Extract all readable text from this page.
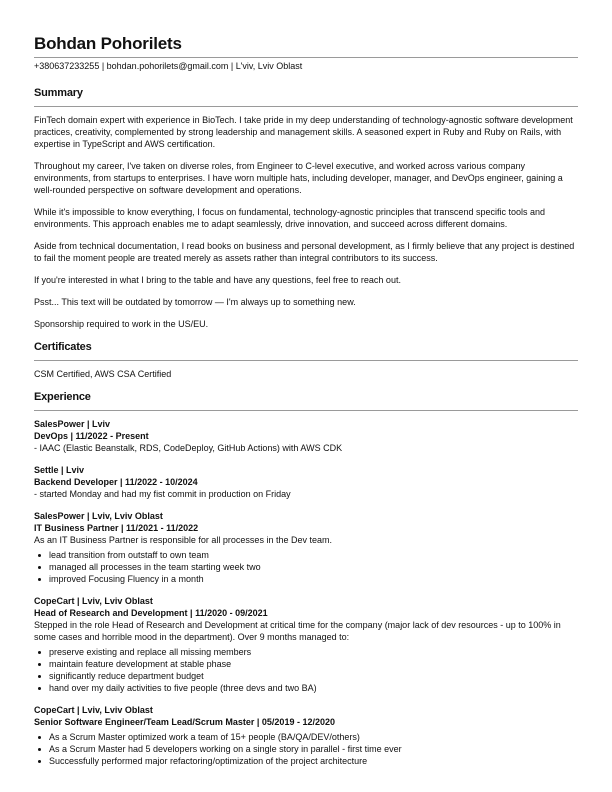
Bohdan Pohorilets
+380637233255 | bohdan.pohorilets@gmail.com | L'viv, Lviv Oblast
Summary

FinTech domain expert with experience in BioTech. I take pride in my deep understanding of technology-agnostic software development practices, creativity, complemented by strong leadership and management skills. A seasoned expert in Ruby and Ruby on Rails, with expertise in TypeScript and AWS certification.

Throughout my career, I've taken on diverse roles, from Engineer to C-level executive, and worked across various company environments, from startups to enterprises. I have worn multiple hats, including developer, manager, and DevOps engineer, gaining a well-rounded perspective on software development and operations.

While it's impossible to know everything, I focus on fundamental, technology-agnostic principles that transcend specific tools and environments. This approach enables me to adapt seamlessly, drive innovation, and succeed across different domains.

Aside from technical documentation, I read books on business and personal development, as I firmly believe that any project is destined to fail the moment people are treated merely as assets rather than integral contributors to its success.

If you're interested in what I bring to the table and have any questions, feel free to reach out.

Psst... This text will be outdated by tomorrow — I'm always up to something new.

Sponsorship required to work in the US/EU.

Certificates

CSM Certified, AWS CSA Certified

Experience
SalesPower | Lviv
DevOps | 11/2022 - Present
- IAAC (Elastic Beanstalk, RDS, CodeDeploy, GitHub Actions) with AWS CDK
Settle | Lviv
Backend Developer | 11/2022 - 10/2024
- started Monday and had my fist commit in production on Friday
SalesPower | Lviv, Lviv Oblast
IT Business Partner | 11/2021 - 11/2022
As an IT Business Partner is responsible for all processes in the Dev team.
lead transition from outstaff to own team
managed all processes in the team starting week two
improved Focusing Fluency in a month
CopeCart | Lviv, Lviv Oblast
Head of Research and Development | 11/2020 - 09/2021
Stepped in the role Head of Research and Development at critical time for the company (major lack of dev resources - up to 100% in some cases and horrible mood in the department). Over 9 months managed to:
preserve existing and replace all missing members
maintain feature development at stable phase
significantly reduce department budget
hand over my daily activities to five people (three devs and two BA)
CopeCart | Lviv, Lviv Oblast
Senior Software Engineer/Team Lead/Scrum Master | 05/2019 - 12/2020
As a Scrum Master optimized work a team of 15+ people (BA/QA/DEV/others)
As a Scrum Master had 5 developers working on a single story in parallel - first time ever
Successfully performed major refactoring/optimization of the project architecture
